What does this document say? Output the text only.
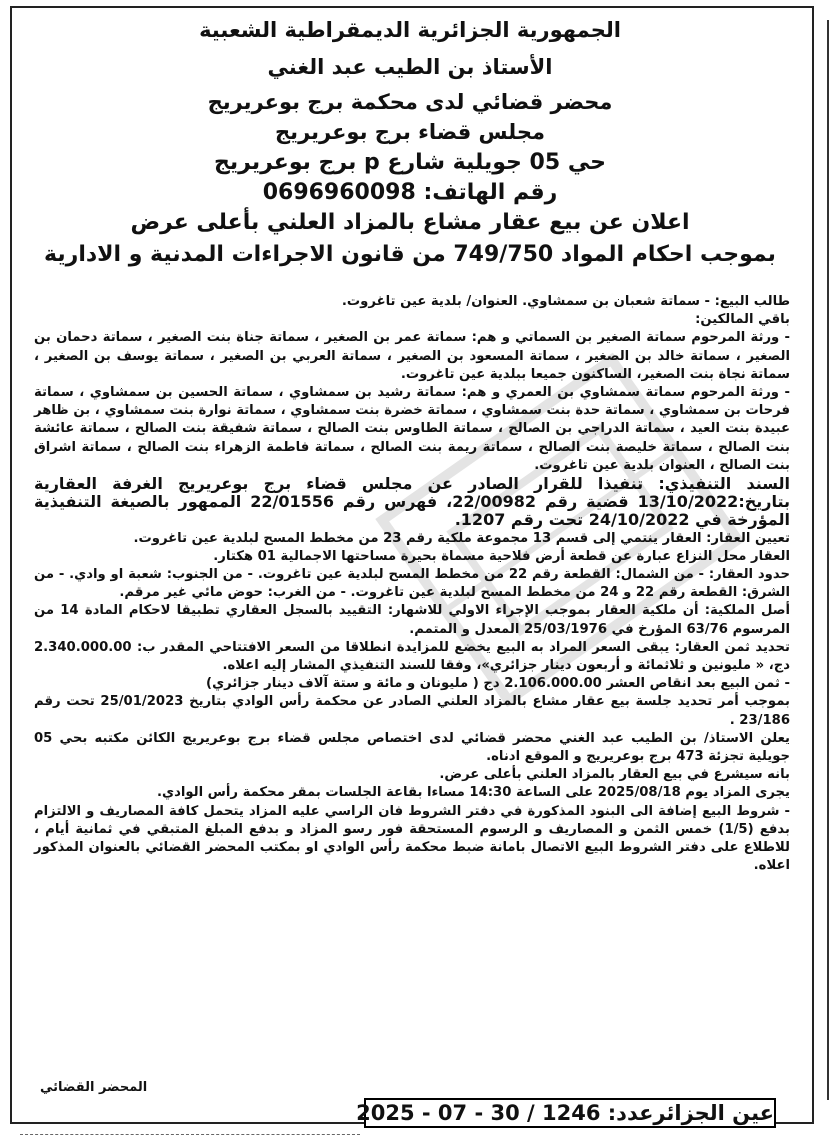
الجمهورية الجزائرية الديمقراطية الشعبية
الأستاذ بن الطيب عبد الغني
محضر قضائي لدى محكمة برج بوعريريج
مجلس قضاء برج بوعريريج
حي 05 جويلية شارع p برج بوعريريج
رقم الهاتف: 0696960098
اعلان عن بيع عقار مشاع بالمزاد العلني بأعلى عرض
بموجب احكام المواد 749/750 من قانون الاجراءات المدنية و الادارية

طالب البيع: - سماتة شعبان بن سمشاوي. العنوان/ بلدية عين تاغروت.

باقي المالكين:

- ورثة المرحوم سماتة الصغير بن السماتي و هم: سماتة عمر بن الصغير ، سماتة جناة بنت الصغير ، سماتة دحمان بن الصغير ، سماتة خالد بن الصغير ، سماتة المسعود بن الصغير ، سماتة العربي بن الصغير ، سماتة يوسف بن الصغير ، سماتة نجاة بنت الصغير، الساكنون جميعا ببلدية عين تاغروت.

- ورثة المرحوم سماتة سمشاوي بن العمري و هم: سماتة رشيد بن سمشاوي ، سماتة الحسين بن سمشاوي ، سماتة فرحات بن سمشاوي ، سماتة حدة بنت سمشاوي ، سماتة خضرة بنت سمشاوي ، سماتة نوارة بنت سمشاوي ، بن ظاهر عبيدة بنت العيد ، سماتة الدراجي بن الصالح ، سماتة الطاوس بنت الصالح ، سماتة شفيقة بنت الصالح ، سماتة عائشة بنت الصالح ، سماتة خليصة بنت الصالح ، سماتة ريمة بنت الصالح ، سماتة فاطمة الزهراء بنت الصالح ، سماتة اشراق بنت الصالح ، العنوان بلدية عين تاغروت.

السند التنفيذي: تنفيذا للقرار الصادر عن مجلس قضاء برج بوعريريج الغرفة العقارية بتاريخ:13/10/2022 قضية رقم 22/00982، فهرس رقم 22/01556 الممهور بالصيغة التنفيذية المؤرخة في 24/10/2022 تحت رقم 1207.

تعيين العقار: العقار ينتمي إلى قسم 13 مجموعة ملكية رقم 23 من مخطط المسح لبلدية عين تاغروت.

العقار محل النزاع عبارة عن قطعة أرض فلاحية مسماة بحيرة مساحتها الاجمالية 01 هكتار.

حدود العقار: - من الشمال: القطعة رقم 22 من مخطط المسح لبلدية عين تاغروت. - من الجنوب: شعبة او وادي. - من الشرق: القطعة رقم 22 و 24 من مخطط المسح لبلدية عين تاغروت. - من الغرب: حوض مائي غير مرقم.

أصل الملكية: أن ملكية العقار بموجب الإجراء الاولي للاشهار: التقييد بالسجل العقاري تطبيقا لاحكام المادة 14 من المرسوم 63/76 المؤرخ في 25/03/1976 المعدل و المتمم.

تحديد ثمن العقار: يبقى السعر المراد به البيع يخضع للمزايدة انطلاقا من السعر الافتتاحي المقدر ب: 2.340.000.00 دج، « مليونين و ثلاثمائة و أربعون دينار جزائري»، وفقا للسند التنفيذي المشار إليه اعلاه.

- ثمن البيع بعد انقاص العشر 2.106.000.00 دج ( مليونان و مائة و ستة آلاف دينار جزائري)

بموجب أمر تحديد جلسة بيع عقار مشاع بالمزاد العلني الصادر عن محكمة رأس الوادي بتاريخ 25/01/2023 تحت رقم 23/186 .

يعلن الاستاذ/ بن الطيب عبد الغني محضر قضائي لدى اختصاص مجلس قضاء برج بوعريريج الكائن مكتبه بحي 05 جويلية تجزئة 473 برج بوعريريج و الموقع ادناه.

بانه سيشرع في بيع العقار بالمزاد العلني بأعلى عرض.

يجرى المزاد يوم 2025/08/18 على الساعة 14:30 مساءا بقاعة الجلسات بمقر محكمة رأس الوادي.

- شروط البيع إضافة الى البنود المذكورة في دفتر الشروط فان الراسي عليه المزاد يتحمل كافة المصاريف و الالتزام بدفع (1/5) خمس الثمن و المصاريف و الرسوم المستحقة فور رسو المزاد و بدفع المبلغ المتبقي في ثمانية أيام ، للاطلاع على دفتر الشروط البيع الاتصال بامانة ضبط محكمة رأس الوادي او بمكتب المحضر القضائي بالعنوان المذكور اعلاه.

المحضر القضائي
عين الجزائرعدد: 1246 / 30 - 07 - 2025
